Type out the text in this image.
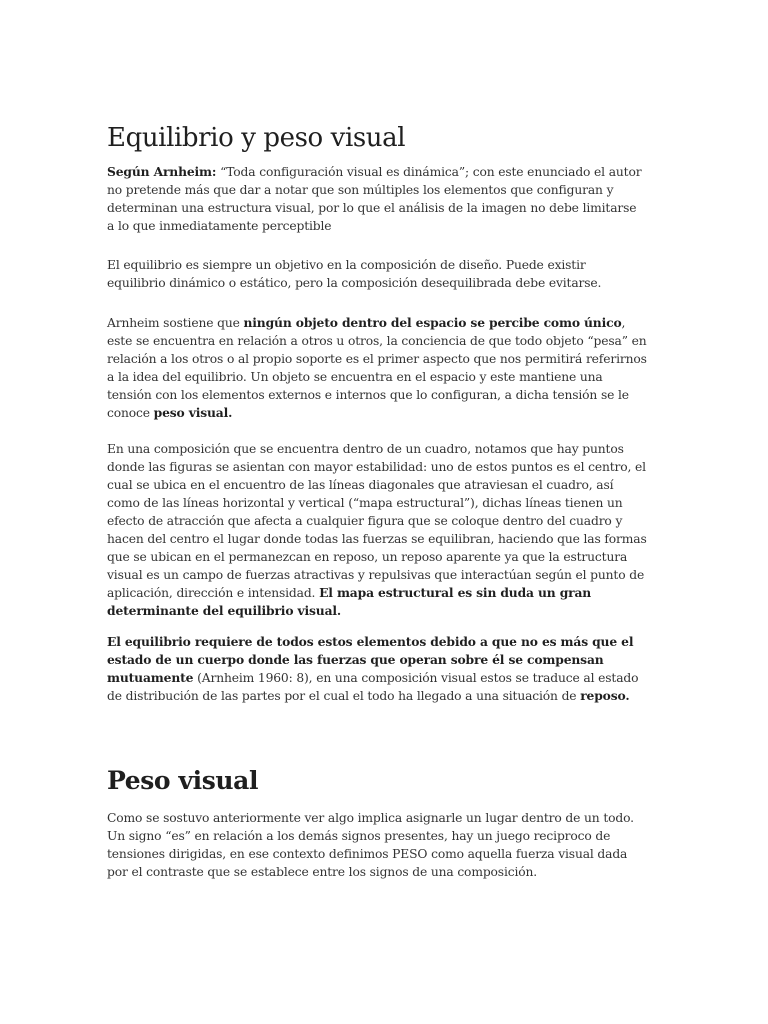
Equilibrio y peso visual

Según Arnheim: “Toda configuración visual es dinámica”; con este enunciado el autor no pretende más que dar a notar que son múltiples los elementos que configuran y determinan una estructura visual, por lo que el análisis de la imagen no debe limitarse a lo que inmediatamente perceptible

El equilibrio es siempre un objetivo en la composición de diseño. Puede existir equilibrio dinámico o estático, pero la composición desequilibrada debe evitarse.

Arnheim sostiene que ningún objeto dentro del espacio se percibe como único, este se encuentra en relación a otros u otros, la conciencia de que todo objeto “pesa” en relación a los otros o al propio soporte es el primer aspecto que nos permitirá referirnos a la idea del equilibrio. Un objeto se encuentra en el espacio y este mantiene una tensión con los elementos externos e internos que lo configuran, a dicha tensión se le conoce peso visual.

En una composición que se encuentra dentro de un cuadro, notamos que hay puntos donde las figuras se asientan con mayor estabilidad: uno de estos puntos es el centro, el cual se ubica en el encuentro de las líneas diagonales que atraviesan el cuadro, así como de las líneas horizontal y vertical (“mapa estructural”), dichas líneas tienen un efecto de atracción que afecta a cualquier figura que se coloque dentro del cuadro y hacen del centro el lugar donde todas las fuerzas se equilibran, haciendo que las formas que se ubican en el permanezcan en reposo, un reposo aparente ya que la estructura visual es un campo de fuerzas atractivas y repulsivas que interactúan según el punto de aplicación, dirección e intensidad. El mapa estructural es sin duda un gran determinante del equilibrio visual.

El equilibrio requiere de todos estos elementos debido a que no es más que el estado de un cuerpo donde las fuerzas que operan sobre él se compensan mutuamente (Arnheim 1960: 8), en una composición visual estos se traduce al estado de distribución de las partes por el cual el todo ha llegado a una situación de reposo.

Peso visual

Como se sostuvo anteriormente ver algo implica asignarle un lugar dentro de un todo. Un signo “es” en relación a los demás signos presentes, hay un juego reciproco de tensiones dirigidas, en ese contexto definimos PESO como aquella fuerza visual dada por el contraste que se establece entre los signos de una composición.
